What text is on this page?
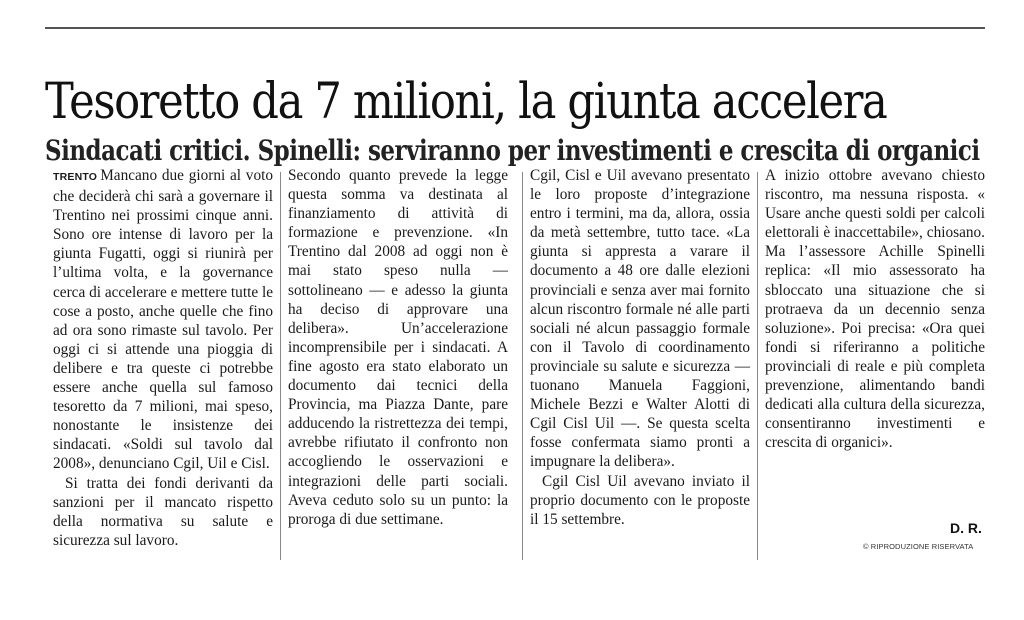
Tesoretto da 7 milioni, la giunta accelera
Sindacati critici. Spinelli: serviranno per investimenti e crescita di organici

TRENTO Mancano due giorni al voto che deciderà chi sarà a governare il Trentino nei prossimi cinque anni. Sono ore intense di lavoro per la giunta Fugatti, oggi si riunirà per l’ultima volta, e la governance cerca di accelerare e mettere tutte le cose a posto, anche quelle che fino ad ora sono rimaste sul tavolo. Per oggi ci si attende una pioggia di delibere e tra queste ci potrebbe essere anche quella sul famoso tesoretto da 7 milioni, mai speso, nonostante le insistenze dei sindacati. «Soldi sul tavolo dal 2008», denunciano Cgil, Uil e Cisl.

Si tratta dei fondi derivanti da sanzioni per il mancato rispetto della normativa su salute e sicurezza sul lavoro.

Secondo quanto prevede la legge questa somma va destinata al finanziamento di attività di formazione e prevenzione. «In Trentino dal 2008 ad oggi non è mai stato speso nulla — sottolineano — e adesso la giunta ha deciso di approvare una delibera». Un’accelerazione incomprensibile per i sindacati. A fine agosto era stato elaborato un documento dai tecnici della Provincia, ma Piazza Dante, pare adducendo la ristrettezza dei tempi, avrebbe rifiutato il confronto non accogliendo le osservazioni e integrazioni delle parti sociali. Aveva ceduto solo su un punto: la proroga di due settimane.

Cgil, Cisl e Uil avevano presentato le loro proposte d’integrazione entro i termini, ma da, allora, ossia da metà settembre, tutto tace. «La giunta si appresta a varare il documento a 48 ore dalle elezioni provinciali e senza aver mai fornito alcun riscontro formale né alle parti sociali né alcun passaggio formale con il Tavolo di coordinamento provinciale su salute e sicurezza — tuonano Manuela Faggioni, Michele Bezzi e Walter Alotti di Cgil Cisl Uil —. Se questa scelta fosse confermata siamo pronti a impugnare la delibera».

Cgil Cisl Uil avevano inviato il proprio documento con le proposte il 15 settembre.

A inizio ottobre avevano chiesto riscontro, ma nessuna risposta. « Usare anche questi soldi per calcoli elettorali è inaccettabile», chiosano. Ma l’assessore Achille Spinelli replica: «Il mio assessorato ha sbloccato una situazione che si protraeva da un decennio senza soluzione». Poi precisa: «Ora quei fondi si riferiranno a politiche provinciali di reale e più completa prevenzione, alimentando bandi dedicati alla cultura della sicurezza, consentiranno investimenti e crescita di organici».

D. R.
© RIPRODUZIONE RISERVATA
